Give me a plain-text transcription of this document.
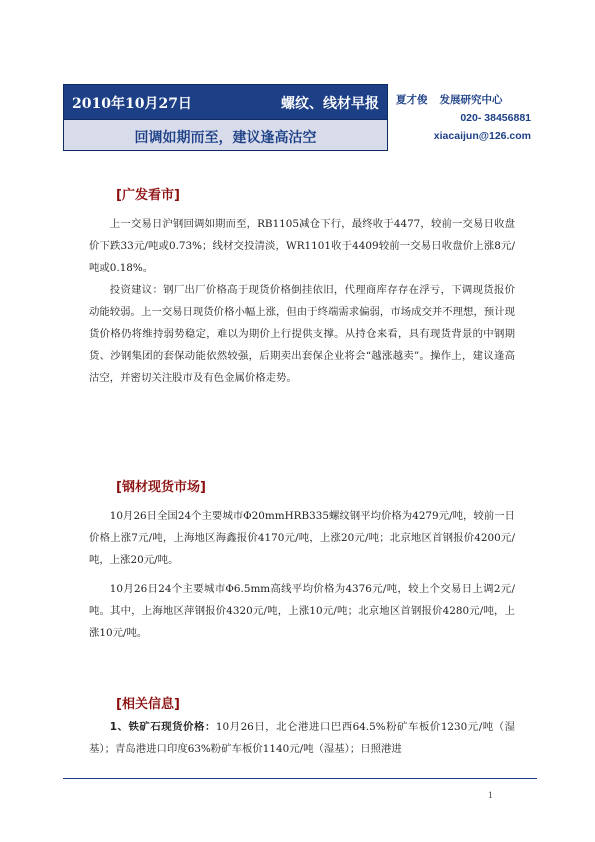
2010年10月27日	螺纹、线材早报
回调如期而至，建议逢高沽空
夏才俊 发展研究中心
020- 38456881
xiacaijun@126.com
[广发看市]

上一交易日沪钢回调如期而至，RB1105减仓下行，最终收于4477，较前一交易日收盘价下跌33元/吨或0.73%；线材交投清淡，WR1101收于4409较前一交易日收盘价上涨8元/吨或0.18%。

投资建议：钢厂出厂价格高于现货价格倒挂依旧，代理商库存存在浮亏，下调现货报价动能较弱。上一交易日现货价格小幅上涨，但由于终端需求偏弱，市场成交并不理想，预计现货价格仍将维持弱势稳定，难以为期价上行提供支撑。从持仓来看，具有现货背景的中钢期货、沙钢集团的套保动能依然较强，后期卖出套保企业将会“越涨越卖”。操作上，建议逢高沽空，并密切关注股市及有色金属价格走势。

[钢材现货市场]

10月26日全国24个主要城市Φ20mmHRB335螺纹钢平均价格为4279元/吨，较前一日价格上涨7元/吨，上海地区海鑫报价4170元/吨，上涨20元/吨；北京地区首钢报价4200元/吨，上涨20元/吨。

10月26日24个主要城市Φ6.5mm高线平均价格为4376元/吨，较上个交易日上调2元/吨。其中，上海地区萍钢报价4320元/吨，上涨10元/吨；北京地区首钢报价4280元/吨，上涨10元/吨。

[相关信息]

1、铁矿石现货价格：10月26日，北仑港进口巴西64.5%粉矿车板价1230元/吨（湿基）；青岛港进口印度63%粉矿车板价1140元/吨（湿基）；日照港进

1
